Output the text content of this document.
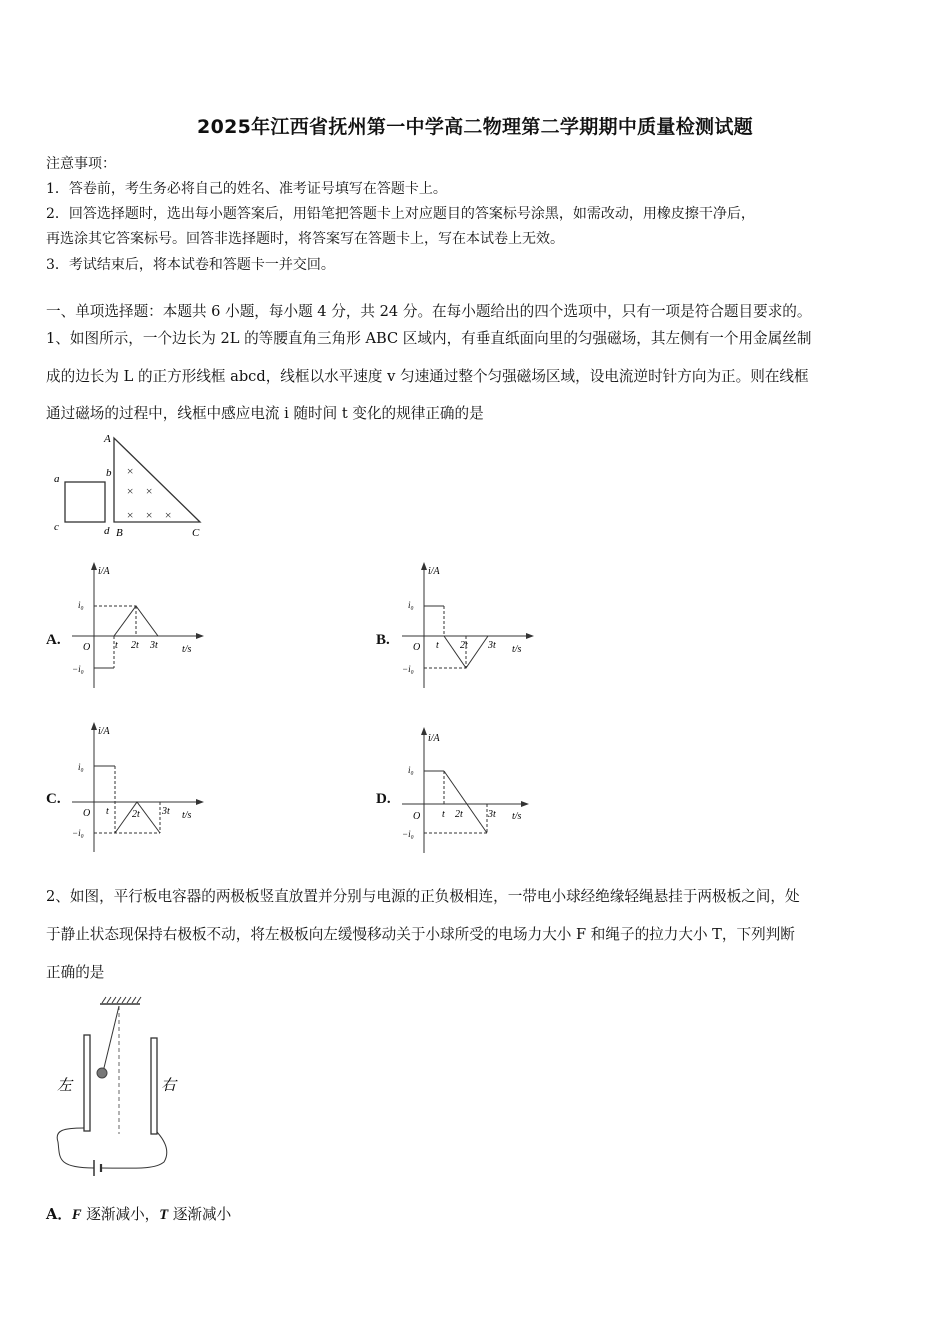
2025年江西省抚州第一中学高二物理第二学期期中质量检测试题
注意事项：
1．答卷前，考生务必将自己的姓名、准考证号填写在答题卡上。
2．回答选择题时，选出每小题答案后，用铅笔把答题卡上对应题目的答案标号涂黑，如需改动，用橡皮擦干净后，
再选涂其它答案标号。回答非选择题时，将答案写在答题卡上，写在本试卷上无效。
3．考试结束后，将本试卷和答题卡一并交回。
一、单项选择题：本题共 6 小题，每小题 4 分，共 24 分。在每小题给出的四个选项中，只有一项是符合题目要求的。
1、如图所示，一个边长为 2L 的等腰直角三角形 ABC 区域内，有垂直纸面向里的匀强磁场，其左侧有一个用金属丝制
成的边长为 L 的正方形线框 abcd，线框以水平速度 v 匀速通过整个匀强磁场区域，设电流逆时针方向为正。则在线框
通过磁场的过程中，线框中感应电流 i 随时间 t 变化的规律正确的是
a	b
c	d
A
B	C
×
× ×
× × ×
A.
i/A
i₀
−i₀
O t 2t 3t t/s
B.
i/A
i₀
−i₀
O t 2t 3t t/s
C.
i/A
i₀
−i₀
O t 2t 3t t/s
D.
i/A
i₀
−i₀
O t 2t	3t t/s
2、如图，平行板电容器的两极板竖直放置并分别与电源的正负极相连，一带电小球经绝缘轻绳悬挂于两极板之间，处
于静止状态现保持右极板不动，将左极板向左缓慢移动关于小球所受的电场力大小 F 和绳子的拉力大小 T，下列判断
正确的是
左	右
A．F 逐渐减小，T 逐渐减小
